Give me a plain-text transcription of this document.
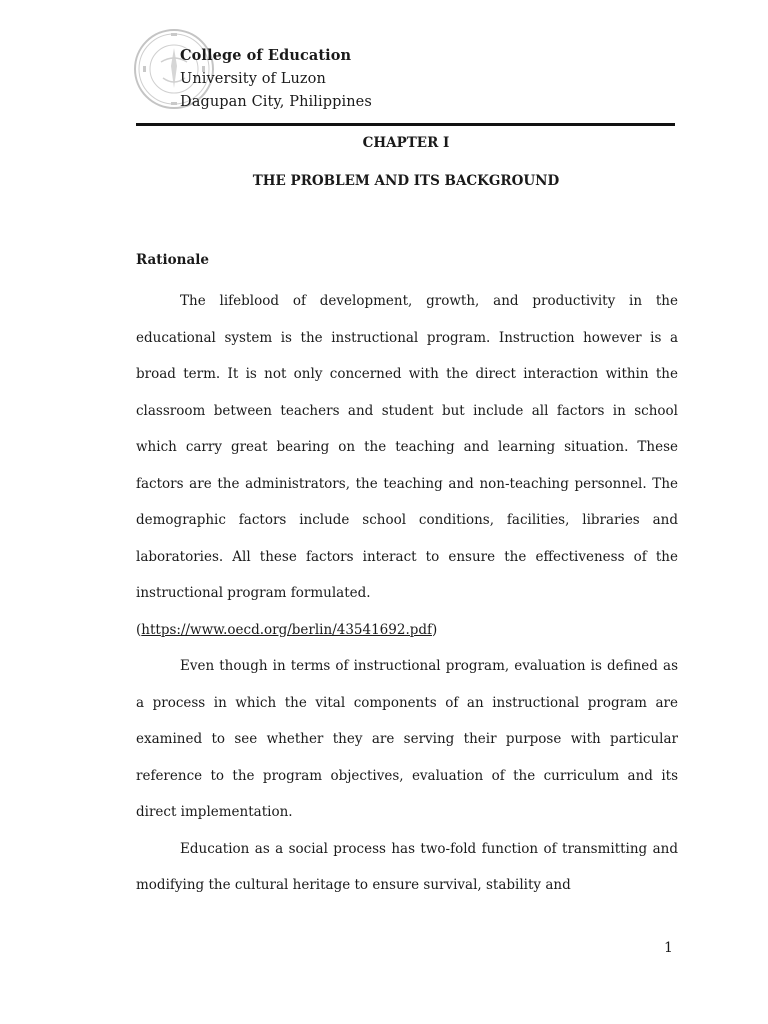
College of Education
University of Luzon
Dagupan City, Philippines
CHAPTER I
THE PROBLEM AND ITS BACKGROUND
Rationale

The lifeblood of development, growth, and productivity in the educational system is the instructional program. Instruction however is a broad term. It is not only concerned with the direct interaction within the classroom between teachers and student but include all factors in school which carry great bearing on the teaching and learning situation. These factors are the administrators, the teaching and non-teaching personnel. The demographic factors include school conditions, facilities, libraries and laboratories. All these factors interact to ensure the effectiveness of the instructional program formulated.

(https://www.oecd.org/berlin/43541692.pdf)

Even though in terms of instructional program, evaluation is defined as a process in which the vital components of an instructional program are examined to see whether they are serving their purpose with particular reference to the program objectives, evaluation of the curriculum and its direct implementation.

Education as a social process has two-fold function of transmitting and modifying the cultural heritage to ensure survival, stability and

1
